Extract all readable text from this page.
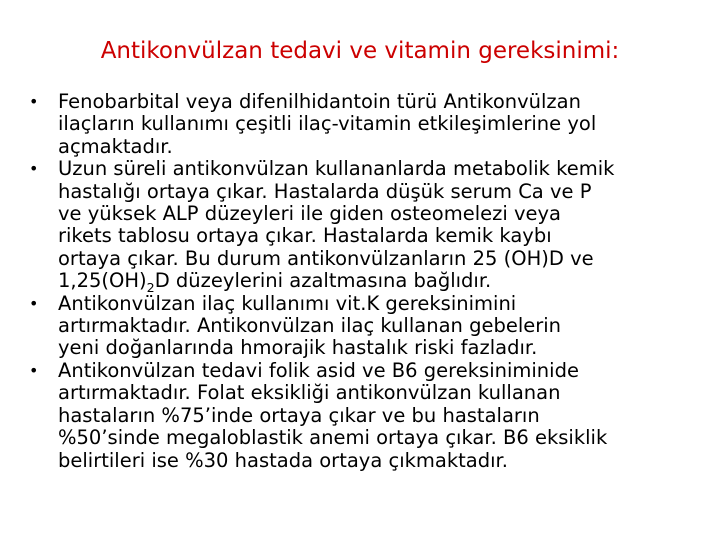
Antikonvülzan tedavi ve vitamin gereksinimi:
• Fenobarbital veya difenilhidantoin türü Antikonvülzan
ilaçların kullanımı çeşitli ilaç-vitamin etkileşimlerine yol
açmaktadır.
• Uzun süreli antikonvülzan kullananlarda metabolik kemik
hastalığı ortaya çıkar. Hastalarda düşük serum Ca ve P
ve yüksek ALP düzeyleri ile giden osteomelezi veya
rikets tablosu ortaya çıkar. Hastalarda kemik kaybı
ortaya çıkar. Bu durum antikonvülzanların 25 (OH)D ve
$1,25(OH)_2D$ düzeylerini azaltmasına bağlıdır.
• Antikonvülzan ilaç kullanımı vit.K gereksinimini
artırmaktadır. Antikonvülzan ilaç kullanan gebelerin
yeni doğanlarında hmorajik hastalık riski fazladır.
• Antikonvülzan tedavi folik asid ve B6 gereksiniminide
artırmaktadır. Folat eksikliği antikonvülzan kullanan
hastaların %75’inde ortaya çıkar ve bu hastaların
%50’sinde megaloblastik anemi ortaya çıkar. B6 eksiklik
belirtileri ise %30 hastada ortaya çıkmaktadır.
